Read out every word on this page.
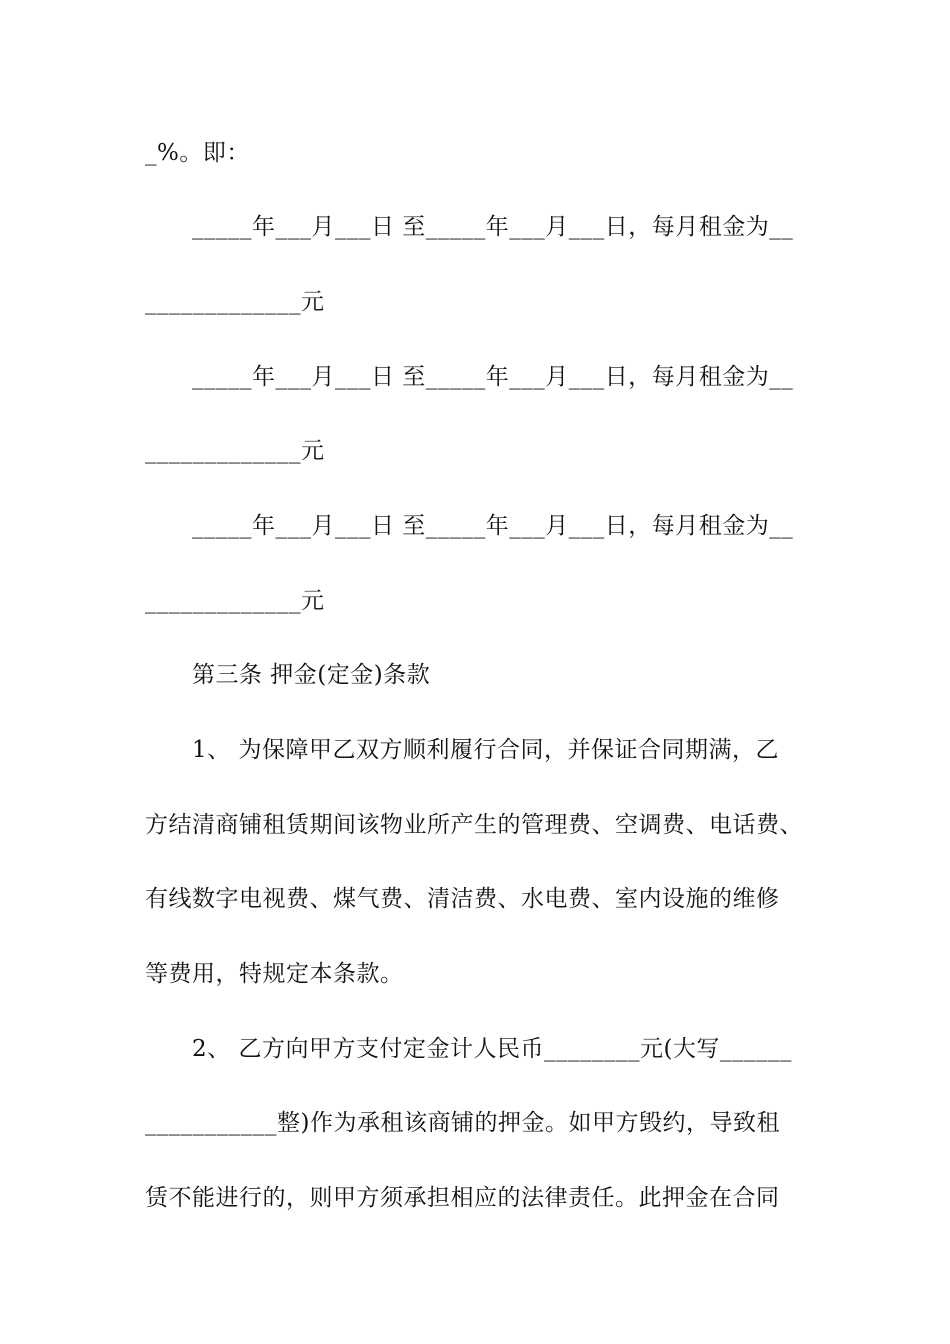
_%。即：
_____年___月___日 至_____年___月___日，每月租金为__
_____________元
_____年___月___日 至_____年___月___日，每月租金为__
_____________元
_____年___月___日 至_____年___月___日，每月租金为__
_____________元
第三条 押金(定金)条款
1、 为保障甲乙双方顺利履行合同，并保证合同期满，乙
方结清商铺租赁期间该物业所产生的管理费、空调费、电话费、
有线数字电视费、煤气费、清洁费、水电费、室内设施的维修
等费用，特规定本条款。
2、 乙方向甲方支付定金计人民币________元(大写______
___________整)作为承租该商铺的押金。如甲方毁约，导致租
赁不能进行的，则甲方须承担相应的法律责任。此押金在合同
